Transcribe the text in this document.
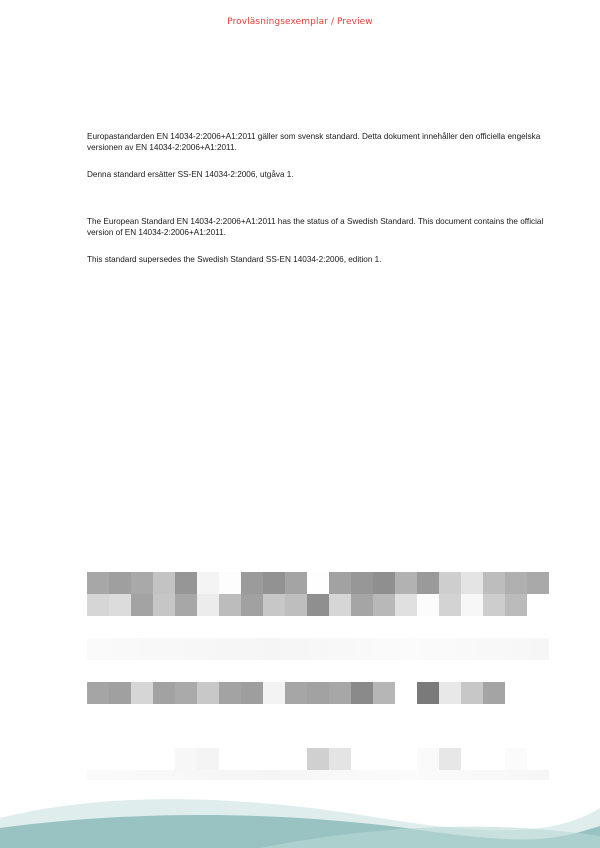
Provläsningsexemplar / Preview

Europastandarden EN 14034-2:2006+A1:2011 gäller som svensk standard. Detta dokument innehåller den officiella engelska versionen av EN 14034-2:2006+A1:2011.

Denna standard ersätter SS-EN 14034-2:2006, utgåva 1.

The European Standard EN 14034-2:2006+A1:2011 has the status of a Swedish Standard. This document contains the official version of EN 14034-2:2006+A1:2011.

This standard supersedes the Swedish Standard SS-EN 14034-2:2006, edition 1.
